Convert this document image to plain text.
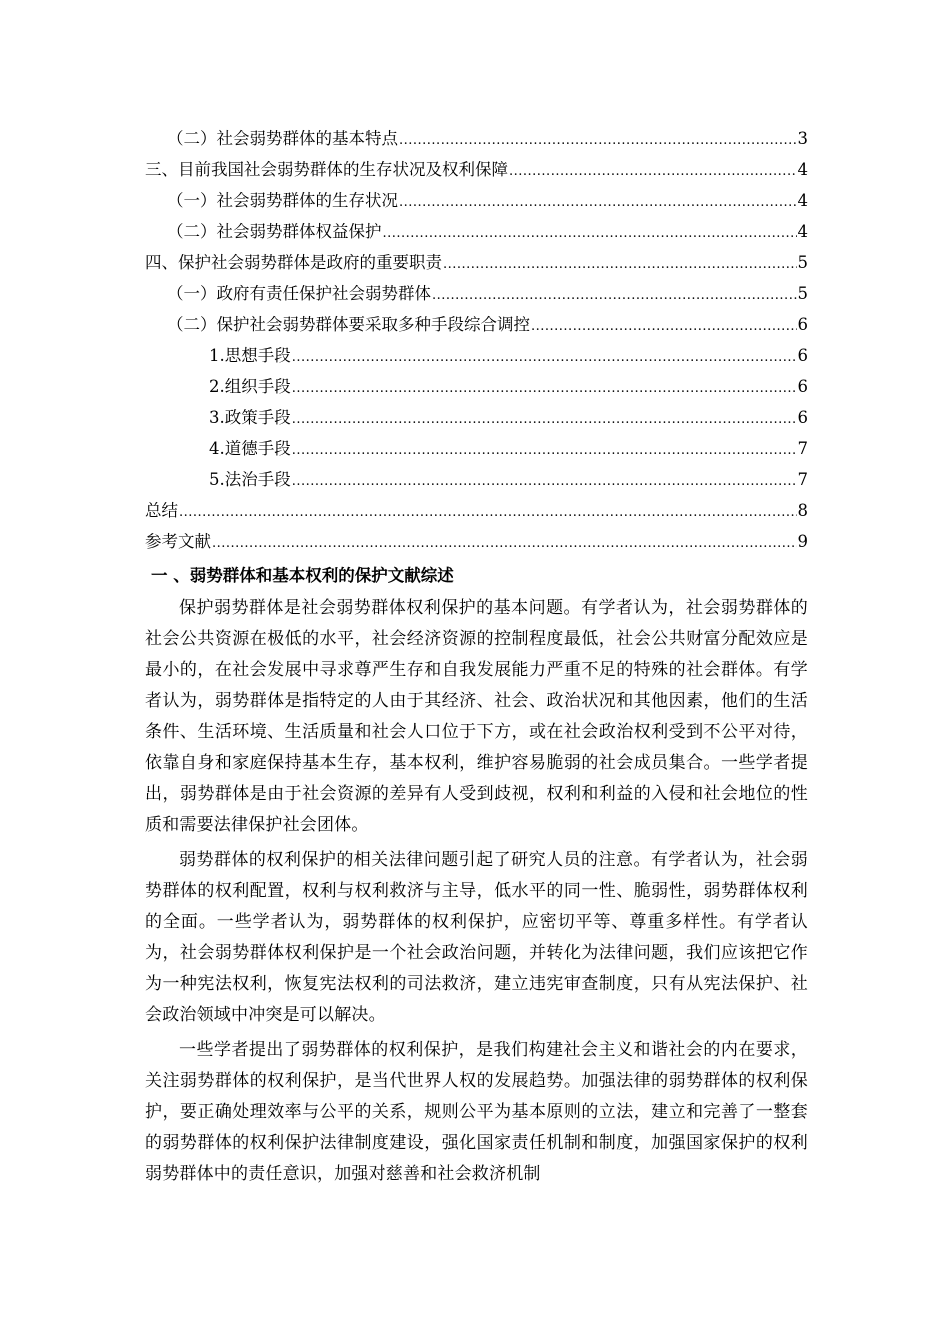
（二）社会弱势群体的基本特点 .....	3
三、目前我国社会弱势群体的生存状况及权利保障 .....	4
（一）社会弱势群体的生存状况 .....	4
（二）社会弱势群体权益保护 .....	4
四、保护社会弱势群体是政府的重要职责 .....	5
（一）政府有责任保护社会弱势群体 .....	5
（二）保护社会弱势群体要采取多种手段综合调控 .....	6
1.思想手段 .....	6
2.组织手段 .....	6
3.政策手段 .....	6
4.道德手段 .....	7
5.法治手段 .....	7
总结 .....	8
参考文献 .....	9
一 、弱势群体和基本权利的保护文献综述

保护弱势群体是社会弱势群体权利保护的基本问题。有学者认为，社会弱势群体的社会公共资源在极低的水平，社会经济资源的控制程度最低，社会公共财富分配效应是最小的，在社会发展中寻求尊严生存和自我发展能力严重不足的特殊的社会群体。有学者认为，弱势群体是指特定的人由于其经济、社会、政治状况和其他因素，他们的生活条件、生活环境、生活质量和社会人口位于下方，或在社会政治权利受到不公平对待，依靠自身和家庭保持基本生存，基本权利，维护容易脆弱的社会成员集合。一些学者提出，弱势群体是由于社会资源的差异有人受到歧视，权利和利益的入侵和社会地位的性质和需要法律保护社会团体。

弱势群体的权利保护的相关法律问题引起了研究人员的注意。有学者认为，社会弱势群体的权利配置，权利与权利救济与主导，低水平的同一性、脆弱性，弱势群体权利的全面。一些学者认为，弱势群体的权利保护，应密切平等、尊重多样性。有学者认为，社会弱势群体权利保护是一个社会政治问题，并转化为法律问题，我们应该把它作为一种宪法权利，恢复宪法权利的司法救济，建立违宪审查制度，只有从宪法保护、社会政治领域中冲突是可以解决。

一些学者提出了弱势群体的权利保护，是我们构建社会主义和谐社会的内在要求，关注弱势群体的权利保护，是当代世界人权的发展趋势。加强法律的弱势群体的权利保护，要正确处理效率与公平的关系，规则公平为基本原则的立法，建立和完善了一整套的弱势群体的权利保护法律制度建设，强化国家责任机制和制度，加强国家保护的权利弱势群体中的责任意识，加强对慈善和社会救济机制
